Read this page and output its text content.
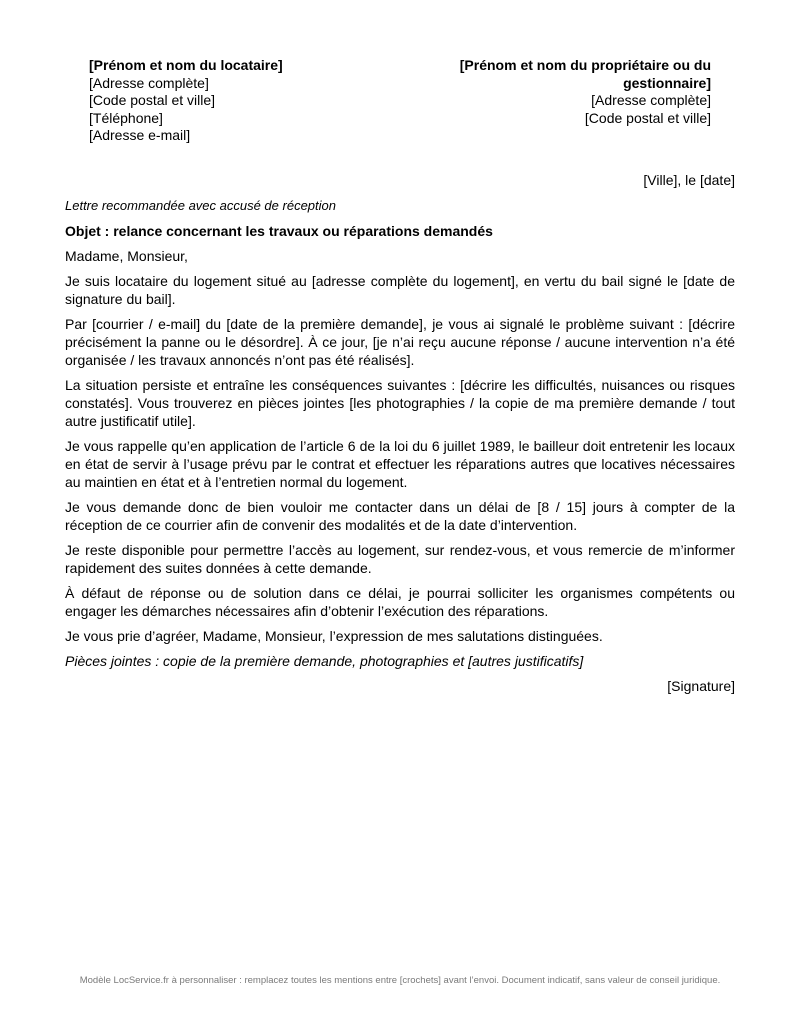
[Prénom et nom du locataire]
[Adresse complète]
[Code postal et ville]
[Téléphone]
[Adresse e-mail]
[Prénom et nom du propriétaire ou du gestionnaire]
[Adresse complète]
[Code postal et ville]
[Ville], le [date]
Lettre recommandée avec accusé de réception
Objet : relance concernant les travaux ou réparations demandés

Madame, Monsieur,

Je suis locataire du logement situé au [adresse complète du logement], en vertu du bail signé le [date de signature du bail].

Par [courrier / e-mail] du [date de la première demande], je vous ai signalé le problème suivant : [décrire précisément la panne ou le désordre]. À ce jour, [je n’ai reçu aucune réponse / aucune intervention n’a été organisée / les travaux annoncés n’ont pas été réalisés].

La situation persiste et entraîne les conséquences suivantes : [décrire les difficultés, nuisances ou risques constatés]. Vous trouverez en pièces jointes [les photographies / la copie de ma première demande / tout autre justificatif utile].

Je vous rappelle qu’en application de l’article 6 de la loi du 6 juillet 1989, le bailleur doit entretenir les locaux en état de servir à l’usage prévu par le contrat et effectuer les réparations autres que locatives nécessaires au maintien en état et à l’entretien normal du logement.

Je vous demande donc de bien vouloir me contacter dans un délai de [8 / 15] jours à compter de la réception de ce courrier afin de convenir des modalités et de la date d’intervention.

Je reste disponible pour permettre l’accès au logement, sur rendez-vous, et vous remercie de m’informer rapidement des suites données à cette demande.

À défaut de réponse ou de solution dans ce délai, je pourrai solliciter les organismes compétents ou engager les démarches nécessaires afin d’obtenir l’exécution des réparations.

Je vous prie d’agréer, Madame, Monsieur, l’expression de mes salutations distinguées.

Pièces jointes : copie de la première demande, photographies et [autres justificatifs]

[Signature]
Modèle LocService.fr à personnaliser : remplacez toutes les mentions entre [crochets] avant l’envoi. Document indicatif, sans valeur de conseil juridique.
